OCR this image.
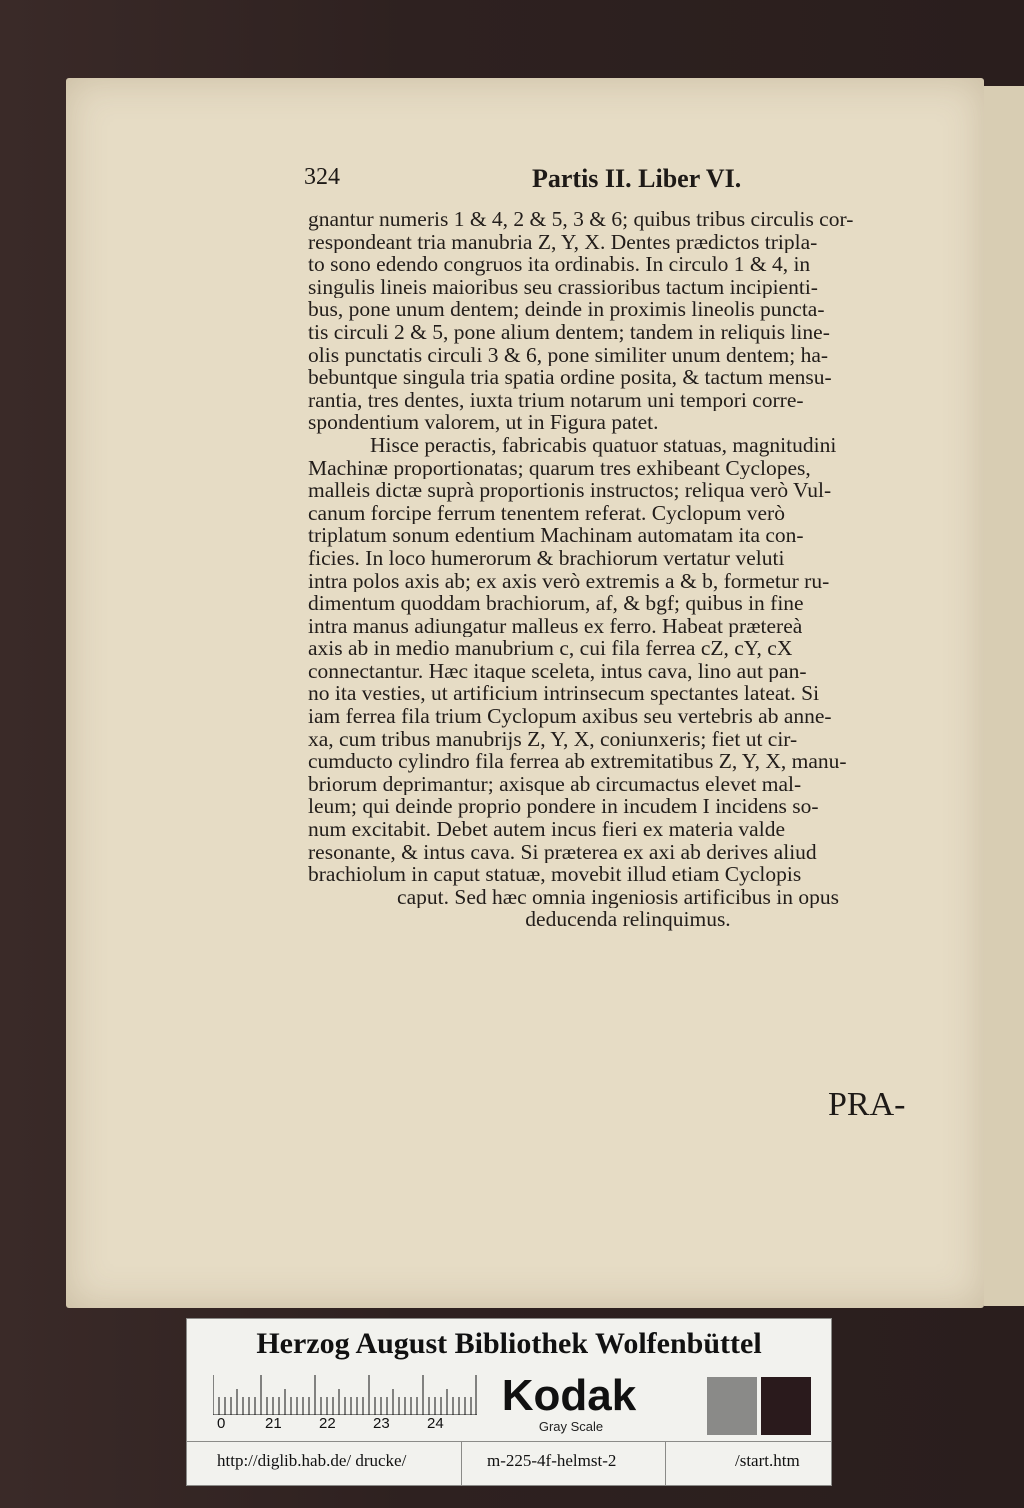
324	Partis II. Liber VI.
gnantur numeris 1 & 4, 2 & 5, 3 & 6; quibus tribus circulis cor-
respondeant tria manubria Z, Y, X. Dentes prædictos tripla-
to sono edendo congruos ita ordinabis. In circulo 1 & 4, in
singulis lineis maioribus seu crassioribus tactum incipienti-
bus, pone unum dentem; deinde in proximis lineolis puncta-
tis circuli 2 & 5, pone alium dentem; tandem in reliquis line-
olis punctatis circuli 3 & 6, pone similiter unum dentem; ha-
bebuntque singula tria spatia ordine posita, & tactum mensu-
rantia, tres dentes, iuxta trium notarum uni tempori corre-
spondentium valorem, ut in Figura patet.
Hisce peractis, fabricabis quatuor statuas, magnitudini
Machinæ proportionatas; quarum tres exhibeant Cyclopes,
malleis dictæ suprà proportionis instructos; reliqua verò Vul-
canum forcipe ferrum tenentem referat. Cyclopum verò
triplatum sonum edentium Machinam automatam ita con-
ficies. In loco humerorum & brachiorum vertatur veluti
intra polos axis ab; ex axis verò extremis a & b, formetur ru-
dimentum quoddam brachiorum, af, & bgf; quibus in fine
intra manus adiungatur malleus ex ferro. Habeat prætereà
axis ab in medio manubrium c, cui fila ferrea cZ, cY, cX
connectantur. Hæc itaque sceleta, intus cava, lino aut pan-
no ita vesties, ut artificium intrinsecum spectantes lateat. Si
iam ferrea fila trium Cyclopum axibus seu vertebris ab anne-
xa, cum tribus manubrijs Z, Y, X, coniunxeris; fiet ut cir-
cumducto cylindro fila ferrea ab extremitatibus Z, Y, X, manu-
briorum deprimantur; axisque ab circumactus elevet mal-
leum; qui deinde proprio pondere in incudem I incidens so-
num excitabit. Debet autem incus fieri ex materia valde
resonante, & intus cava. Si præterea ex axi ab derives aliud
brachiolum in caput statuæ, movebit illud etiam Cyclopis
caput. Sed hæc omnia ingeniosis artificibus in opus
deducenda relinquimus.
PRA-
Herzog August Bibliothek Wolfenbüttel
0	21 22 23 24
Kodak
Gray Scale
http://diglib.hab.de/ drucke/	m-225-4f-helmst-2	/start.htm
